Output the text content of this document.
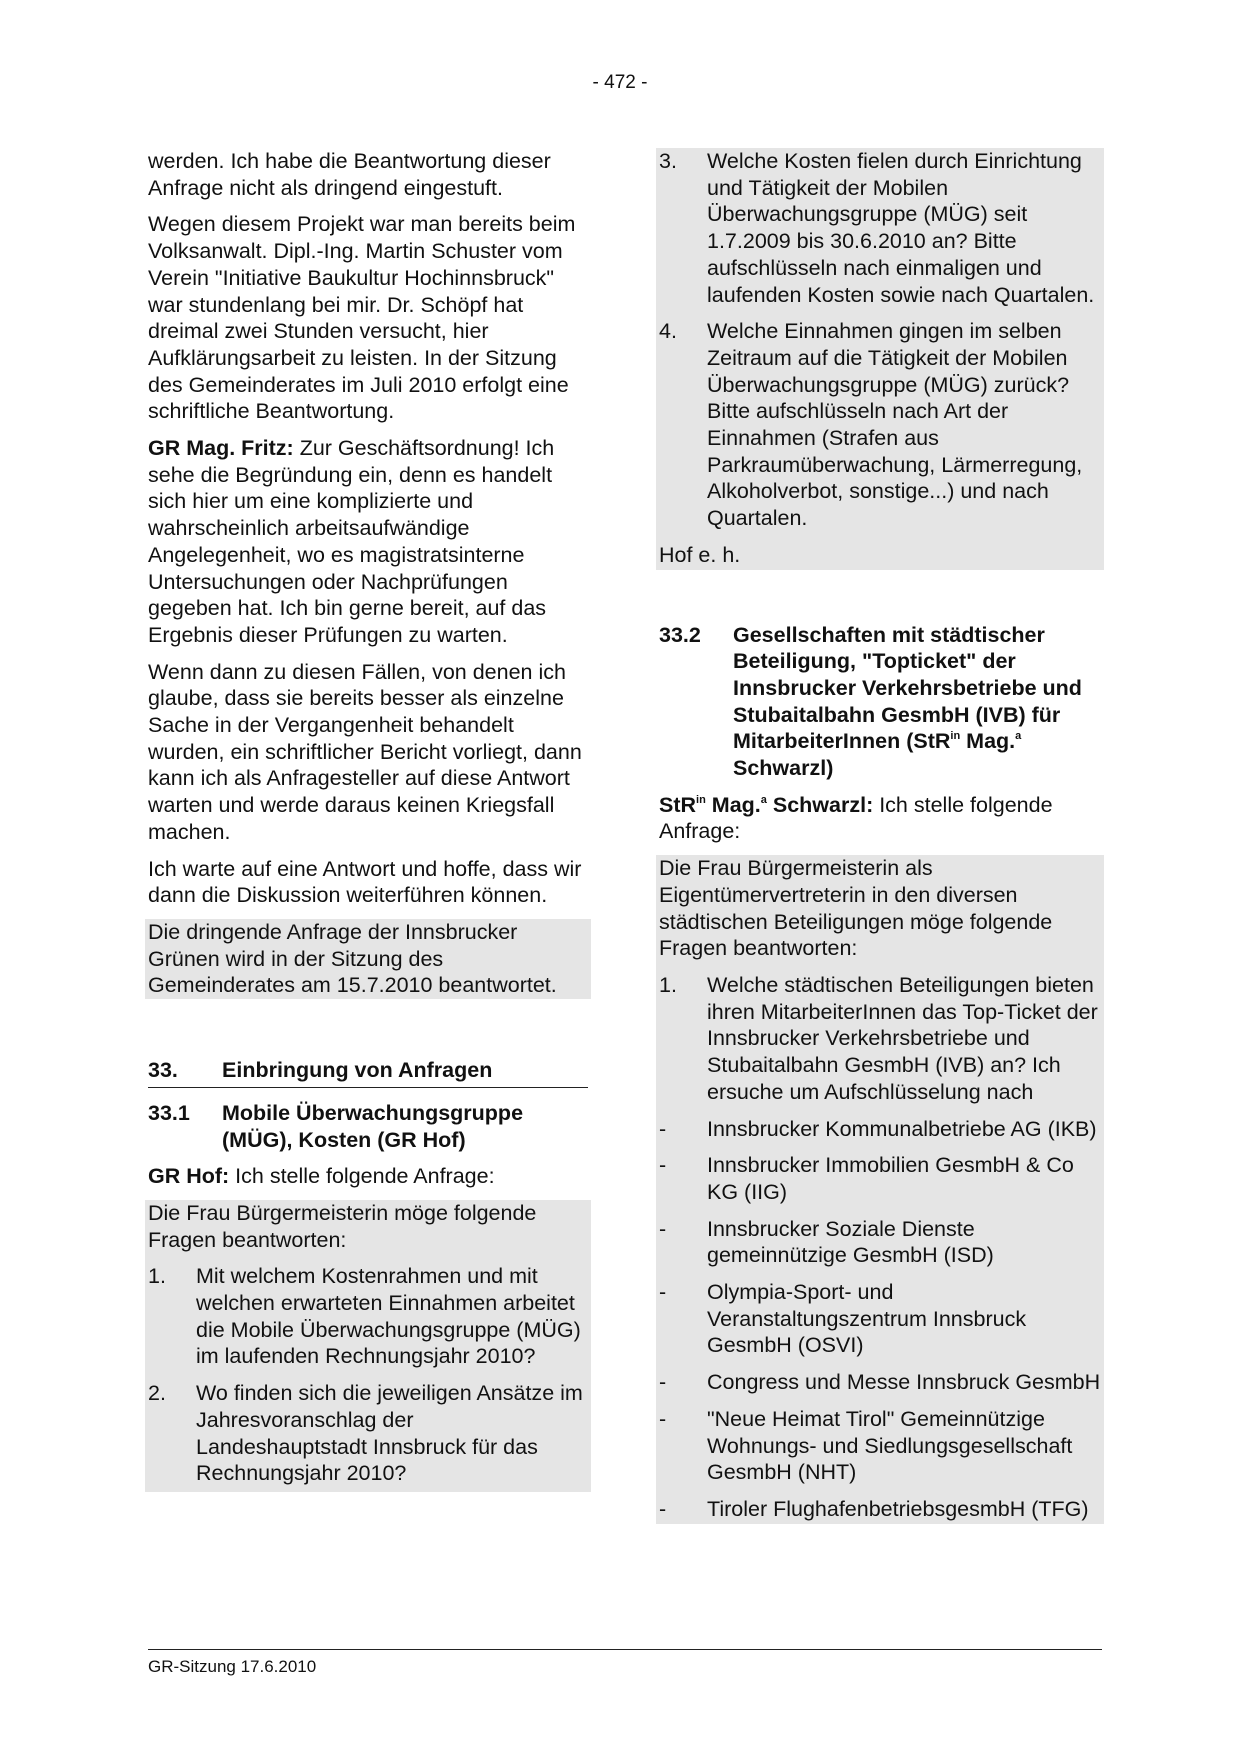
- 472 -

werden. Ich habe die Beantwortung dieser Anfrage nicht als dringend eingestuft.

Wegen diesem Projekt war man bereits beim Volksanwalt. Dipl.-Ing. Martin Schuster vom Verein "Initiative Baukultur Hochinnsbruck" war stundenlang bei mir. Dr. Schöpf hat dreimal zwei Stunden versucht, hier Aufklärungsarbeit zu leisten. In der Sitzung des Gemeinderates im Juli 2010 erfolgt eine schriftliche Beantwortung.

GR Mag. Fritz: Zur Geschäftsordnung! Ich sehe die Begründung ein, denn es handelt sich hier um eine komplizierte und wahrscheinlich arbeitsaufwändige Angelegenheit, wo es magistratsinterne Untersuchungen oder Nachprüfungen gegeben hat. Ich bin gerne bereit, auf das Ergebnis dieser Prüfungen zu warten.

Wenn dann zu diesen Fällen, von denen ich glaube, dass sie bereits besser als einzelne Sache in der Vergangenheit behandelt wurden, ein schriftlicher Bericht vorliegt, dann kann ich als Anfragesteller auf diese Antwort warten und werde daraus keinen Kriegsfall machen.

Ich warte auf eine Antwort und hoffe, dass wir dann die Diskussion weiterführen können.

Die dringende Anfrage der Innsbrucker Grünen wird in der Sitzung des Gemeinderates am 15.7.2010 beantwortet.

33.	Einbringung von Anfragen
33.1	Mobile Überwachungsgruppe (MÜG), Kosten (GR Hof)

GR Hof: Ich stelle folgende Anfrage:

Die Frau Bürgermeisterin möge folgende Fragen beantworten:

1.	Mit welchem Kostenrahmen und mit welchen erwarteten Einnahmen arbeitet die Mobile Überwachungsgruppe (MÜG) im laufenden Rechnungsjahr 2010?
2.	Wo finden sich die jeweiligen Ansätze im Jahresvoranschlag der Landeshauptstadt Innsbruck für das Rechnungsjahr 2010?
3.	Welche Kosten fielen durch Einrichtung und Tätigkeit der Mobilen Überwachungsgruppe (MÜG) seit 1.7.2009 bis 30.6.2010 an? Bitte aufschlüsseln nach einmaligen und laufenden Kosten sowie nach Quartalen.
4.	Welche Einnahmen gingen im selben Zeitraum auf die Tätigkeit der Mobilen Überwachungsgruppe (MÜG) zurück? Bitte aufschlüsseln nach Art der Einnahmen (Strafen aus Parkraumüberwachung, Lärmerregung, Alkoholverbot, sonstige...) und nach Quartalen.

Hof e. h.

33.2	Gesellschaften mit städtischer Beteiligung, "Topticket" der Innsbrucker Verkehrsbetriebe und Stubaitalbahn GesmbH (IVB) für MitarbeiterInnen (StR$^{in}$ Mag.$^a$ Schwarzl)

StR$^{in}$ Mag.$^a$ Schwarzl: Ich stelle folgende Anfrage:

Die Frau Bürgermeisterin als Eigentümervertreterin in den diversen städtischen Beteiligungen möge folgende Fragen beantworten:

1.	Welche städtischen Beteiligungen bieten ihren MitarbeiterInnen das Top-Ticket der Innsbrucker Verkehrsbetriebe und Stubaitalbahn GesmbH (IVB) an? Ich ersuche um Aufschlüsselung nach
-	Innsbrucker Kommunalbetriebe AG (IKB)
-	Innsbrucker Immobilien GesmbH & Co KG (IIG)
-	Innsbrucker Soziale Dienste gemeinnützige GesmbH (ISD)
-	Olympia-Sport- und Veranstaltungszentrum Innsbruck GesmbH (OSVI)
-	Congress und Messe Innsbruck GesmbH
-	"Neue Heimat Tirol" Gemeinnützige Wohnungs- und Siedlungsgesellschaft GesmbH (NHT)
-	Tiroler FlughafenbetriebsgesmbH (TFG)
GR-Sitzung 17.6.2010
